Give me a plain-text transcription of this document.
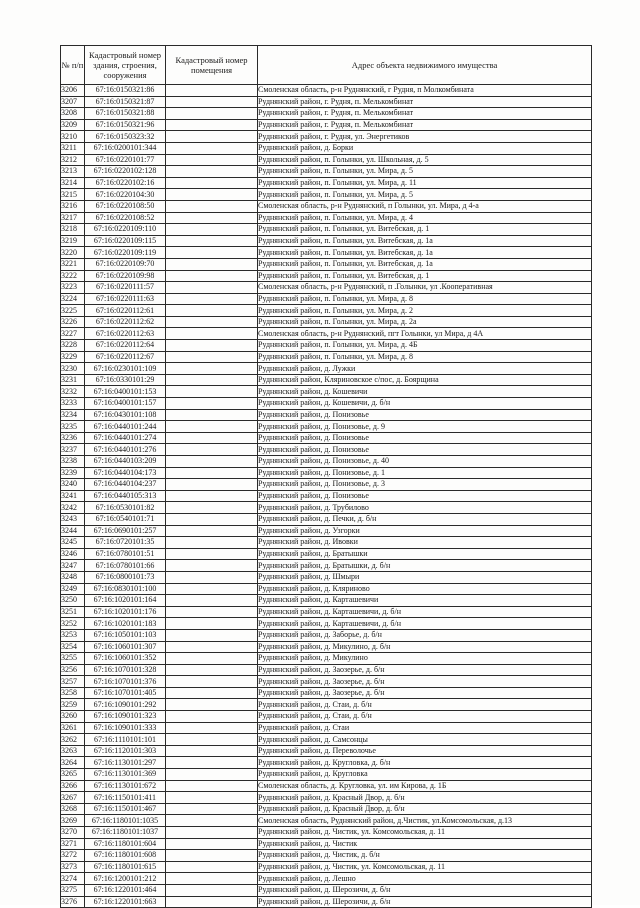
№ п/п	Кадастровый номер здания, строения, сооружения	Кадастровый номер помещения	Адрес объекта недвижимого имущества
3206	67:16:0150321:86		Смоленская область, р-н Руднянский, г Рудня, п Молкомбината
3207	67:16:0150321:87		Руднянский район, г. Рудня, п. Мелькомбинат
3208	67:16:0150321:88		Руднянский район, г. Рудня, п. Мелькомбинат
3209	67:16:0150321:96		Руднянский район, г. Рудня, п. Мелькомбинат
3210	67:16:0150323:32		Руднянский район, г. Рудня, ул. Энергетиков
3211	67:16:0200101:344		Руднянский район, д. Борки
3212	67:16:0220101:77		Руднянский район, п. Голынки, ул. Школьная, д. 5
3213	67:16:0220102:128		Руднянский район, п. Голынки, ул. Мира, д. 5
3214	67:16:0220102:16		Руднянский район, п. Голынки, ул. Мира, д. 11
3215	67:16:0220104:30		Руднянский район, п. Голынки, ул. Мира, д. 5
3216	67:16:0220108:50		Смоленская область, р-н Руднянский, п Голынки, ул. Мира, д 4-а
3217	67:16:0220108:52		Руднянский район, п. Голынки, ул. Мира, д. 4
3218	67:16:0220109:110		Руднянский район, п. Голынки, ул. Витебская, д. 1
3219	67:16:0220109:115		Руднянский район, п. Голынки, ул. Витебская, д. 1а
3220	67:16:0220109:119		Руднянский район, п. Голынки, ул. Витебская, д. 1а
3221	67:16:0220109:70		Руднянский район, п. Голынки, ул. Витебская, д. 1а
3222	67:16:0220109:98		Руднянский район, п. Голынки, ул. Витебская, д. 1
3223	67:16:0220111:57		Смоленская область, р-н Руднянский, п .Голынки, ул .Кооперативная
3224	67:16:0220111:63		Руднянский район, п. Голынки, ул. Мира, д. 8
3225	67:16:0220112:61		Руднянский район, п. Голынки, ул. Мира, д. 2
3226	67:16:0220112:62		Руднянский район, п. Голынки, ул. Мира, д. 2а
3227	67:16:0220112:63		Смоленская область, р-н Руднянский, пгт Голынки, ул Мира, д 4А
3228	67:16:0220112:64		Руднянский район, п. Голынки, ул. Мира, д. 4Б
3229	67:16:0220112:67		Руднянский район, п. Голынки, ул. Мира, д. 8
3230	67:16:0230101:109		Руднянский район, д. Лужки
3231	67:16:0330101:29		Руднянский район, Кляриновское с/пос, д. Боярщина
3232	67:16:0400101:153		Руднянский район, д. Кошевичи
3233	67:16:0400101:157		Руднянский район, д. Кошевичи, д. б/н
3234	67:16:0430101:108		Руднянский район, д. Понизовье
3235	67:16:0440101:244		Руднянский район, д. Понизовье, д. 9
3236	67:16:0440101:274		Руднянский район, д. Понизовье
3237	67:16:0440101:276		Руднянский район, д. Понизовье
3238	67:16:0440103:209		Руднянский район, д. Понизовье, д. 40
3239	67:16:0440104:173		Руднянский район, д. Понизовье, д. 1
3240	67:16:0440104:237		Руднянский район, д. Понизовье, д. 3
3241	67:16:0440105:313		Руднянский район, д. Понизовье
3242	67:16:0530101:82		Руднянский район, д. Трубилово
3243	67:16:0540101:71		Руднянский район, д. Печки, д. б/н
3244	67:16:0690101:257		Руднянский район, д. Узгорки
3245	67:16:0720101:35		Руднянский район, д. Ивовки
3246	67:16:0780101:51		Руднянский район, д. Братышки
3247	67:16:0780101:66		Руднянский район, д. Братышки, д. б/н
3248	67:16:0800101:73		Руднянский район, д. Шмыри
3249	67:16:0830101:100		Руднянский район, д. Кляриново
3250	67:16:1020101:164		Руднянский район, д. Карташевичи
3251	67:16:1020101:176		Руднянский район, д. Карташевичи, д. б/н
3252	67:16:1020101:183		Руднянский район, д. Карташевичи, д. б/н
3253	67:16:1050101:103		Руднянский район, д. Заборье, д. б/н
3254	67:16:1060101:307		Руднянский район, д. Микулино, д. б/н
3255	67:16:1060101:352		Руднянский район, д. Микулино
3256	67:16:1070101:328		Руднянский район, д. Заозерье, д. б/н
3257	67:16:1070101:376		Руднянский район, д. Заозерье, д. б/н
3258	67:16:1070101:405		Руднянский район, д. Заозерье, д. б/н
3259	67:16:1090101:292		Руднянский район, д. Стаи, д. б/н
3260	67:16:1090101:323		Руднянский район, д. Стаи, д. б/н
3261	67:16:1090101:333		Руднянский район, д. Стаи
3262	67:16:1110101:101		Руднянский район, д. Самсонцы
3263	67:16:1120101:303		Руднянский район, д. Переволочье
3264	67:16:1130101:297		Руднянский район, д. Кругловка, д. б/н
3265	67:16:1130101:369		Руднянский район, д. Кругловка
3266	67:16:1130101:672		Смоленская область, д. Кругловка, ул. им Кирова, д. 1Б
3267	67:16:1150101:411		Руднянский район, д. Красный Двор, д. б/н
3268	67:16:1150101:467		Руднянский район, д. Красный Двор, д. б/н
3269	67:16:1180101:1035		Смоленская область, Руднянский район, д.Чистик, ул.Комсомольская, д.13
3270	67:16:1180101:1037		Руднянский район, д. Чистик, ул. Комсомольская, д. 11
3271	67:16:1180101:604		Руднянский район, д. Чистик
3272	67:16:1180101:608		Руднянский район, д. Чистик, д. б/н
3273	67:16:1180101:615		Руднянский район, д. Чистик, ул. Комсомольская, д. 11
3274	67:16:1200101:212		Руднянский район, д. Лешно
3275	67:16:1220101:464		Руднянский район, д. Шерозичи, д. б/н
3276	67:16:1220101:663		Руднянский район, д. Шерозичи, д. б/н
